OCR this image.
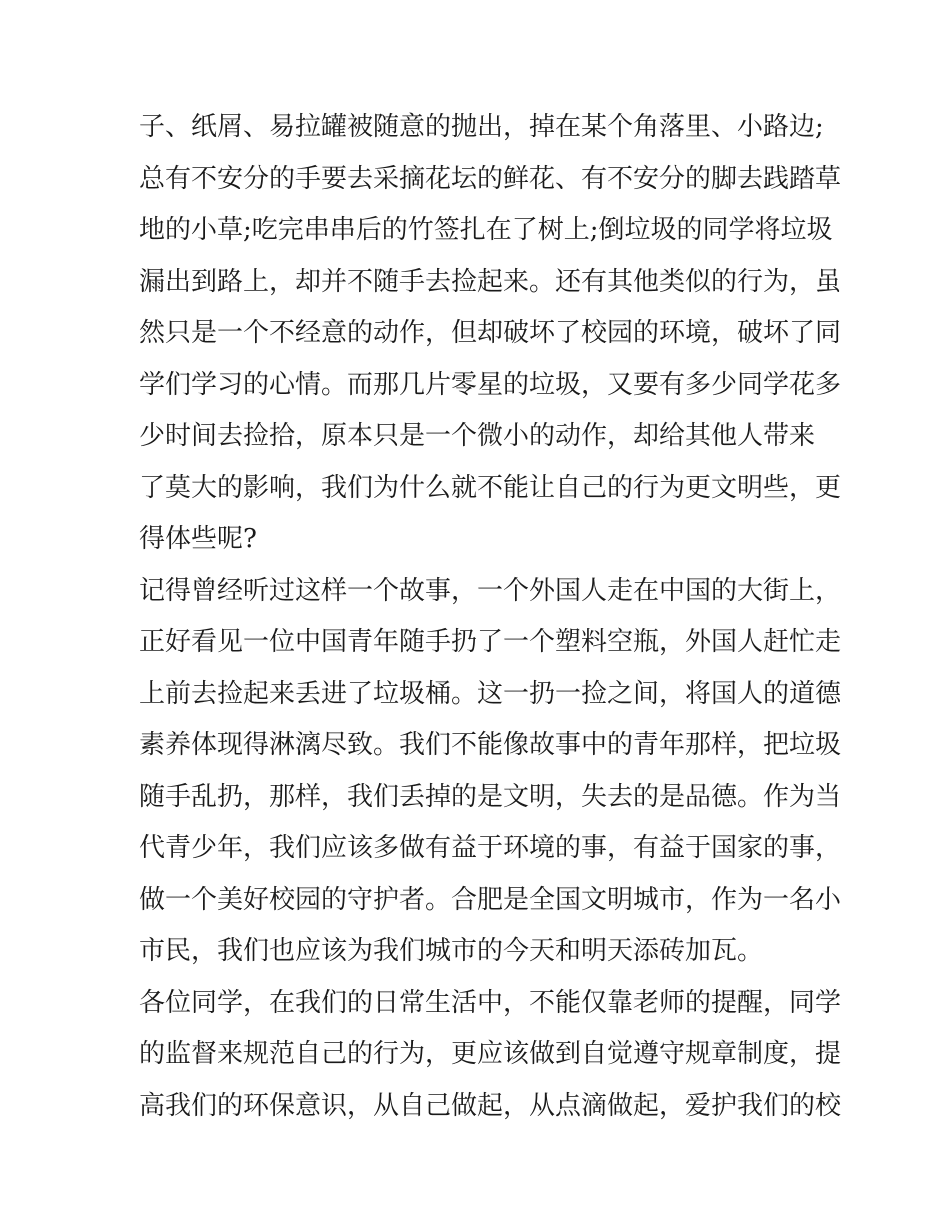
子、纸屑、易拉罐被随意的抛出，掉在某个角落里、小路边;
总有不安分的手要去采摘花坛的鲜花、有不安分的脚去践踏草
地的小草;吃完串串后的竹签扎在了树上;倒垃圾的同学将垃圾
漏出到路上，却并不随手去捡起来。还有其他类似的行为，虽
然只是一个不经意的动作，但却破坏了校园的环境，破坏了同
学们学习的心情。而那几片零星的垃圾，又要有多少同学花多
少时间去捡拾，原本只是一个微小的动作，却给其他人带来
了莫大的影响，我们为什么就不能让自己的行为更文明些，更
得体些呢?
记得曾经听过这样一个故事，一个外国人走在中国的大街上，
正好看见一位中国青年随手扔了一个塑料空瓶，外国人赶忙走
上前去捡起来丢进了垃圾桶。这一扔一捡之间，将国人的道德
素养体现得淋漓尽致。我们不能像故事中的青年那样，把垃圾
随手乱扔，那样，我们丢掉的是文明，失去的是品德。作为当
代青少年，我们应该多做有益于环境的事，有益于国家的事，
做一个美好校园的守护者。合肥是全国文明城市，作为一名小
市民，我们也应该为我们城市的今天和明天添砖加瓦。
各位同学，在我们的日常生活中，不能仅靠老师的提醒，同学
的监督来规范自己的行为，更应该做到自觉遵守规章制度，提
高我们的环保意识，从自己做起，从点滴做起，爱护我们的校
